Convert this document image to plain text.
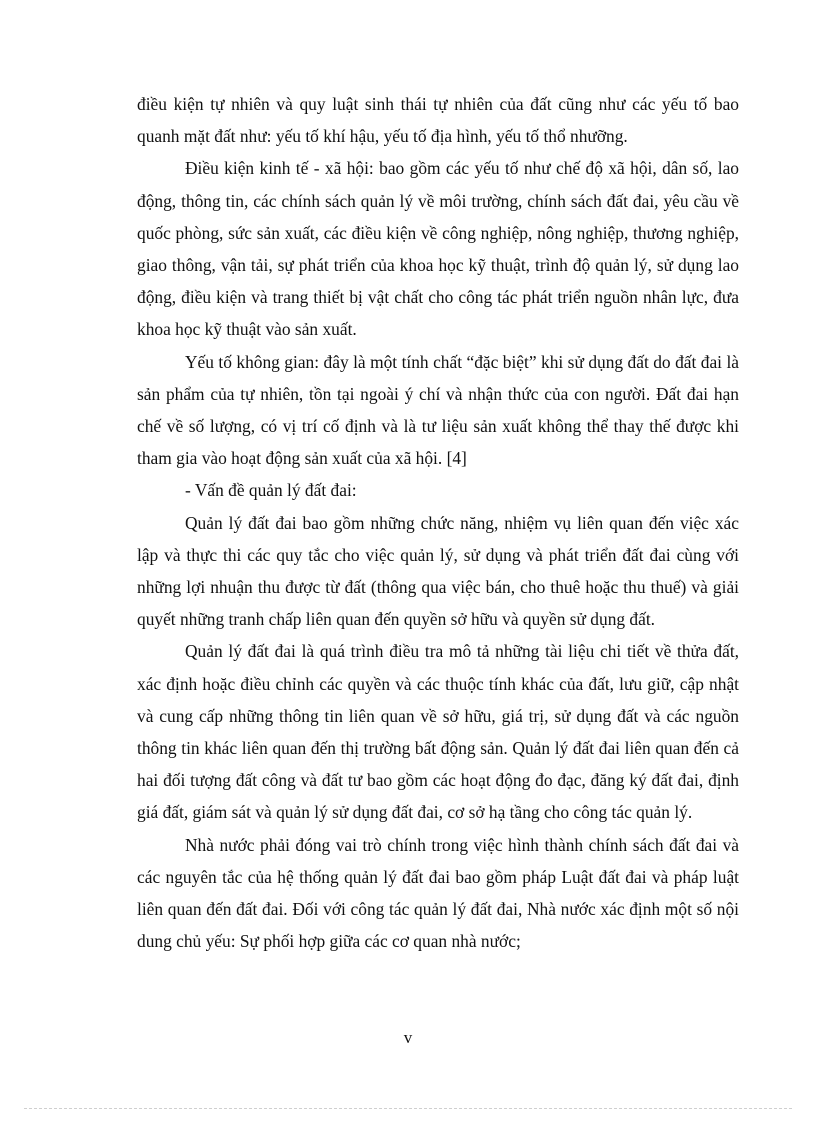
điều kiện tự nhiên và quy luật sinh thái tự nhiên của đất cũng như các yếu tố bao quanh mặt đất như: yếu tố khí hậu, yếu tố địa hình, yếu tố thổ nhưỡng.

Điều kiện kinh tế - xã hội: bao gồm các yếu tố như chế độ xã hội, dân số, lao động, thông tin, các chính sách quản lý về môi trường, chính sách đất đai, yêu cầu về quốc phòng, sức sản xuất, các điều kiện về công nghiệp, nông nghiệp, thương nghiệp, giao thông, vận tải, sự phát triển của khoa học kỹ thuật, trình độ quản lý, sử dụng lao động, điều kiện và trang thiết bị vật chất cho công tác phát triển nguồn nhân lực, đưa khoa học kỹ thuật vào sản xuất.

Yếu tố không gian: đây là một tính chất “đặc biệt” khi sử dụng đất do đất đai là sản phẩm của tự nhiên, tồn tại ngoài ý chí và nhận thức của con người. Đất đai hạn chế về số lượng, có vị trí cố định và là tư liệu sản xuất không thể thay thế được khi tham gia vào hoạt động sản xuất của xã hội. [4]

- Vấn đề quản lý đất đai:

Quản lý đất đai bao gồm những chức năng, nhiệm vụ liên quan đến việc xác lập và thực thi các quy tắc cho việc quản lý, sử dụng và phát triển đất đai cùng với những lợi nhuận thu được từ đất (thông qua việc bán, cho thuê hoặc thu thuế) và giải quyết những tranh chấp liên quan đến quyền sở hữu và quyền sử dụng đất.

Quản lý đất đai là quá trình điều tra mô tả những tài liệu chi tiết về thửa đất, xác định hoặc điều chỉnh các quyền và các thuộc tính khác của đất, lưu giữ, cập nhật và cung cấp những thông tin liên quan về sở hữu, giá trị, sử dụng đất và các nguồn thông tin khác liên quan đến thị trường bất động sản. Quản lý đất đai liên quan đến cả hai đối tượng đất công và đất tư bao gồm các hoạt động đo đạc, đăng ký đất đai, định giá đất, giám sát và quản lý sử dụng đất đai, cơ sở hạ tầng cho công tác quản lý.

Nhà nước phải đóng vai trò chính trong việc hình thành chính sách đất đai và các nguyên tắc của hệ thống quản lý đất đai bao gồm pháp Luật đất đai và pháp luật liên quan đến đất đai. Đối với công tác quản lý đất đai, Nhà nước xác định một số nội dung chủ yếu: Sự phối hợp giữa các cơ quan nhà nước;

v
